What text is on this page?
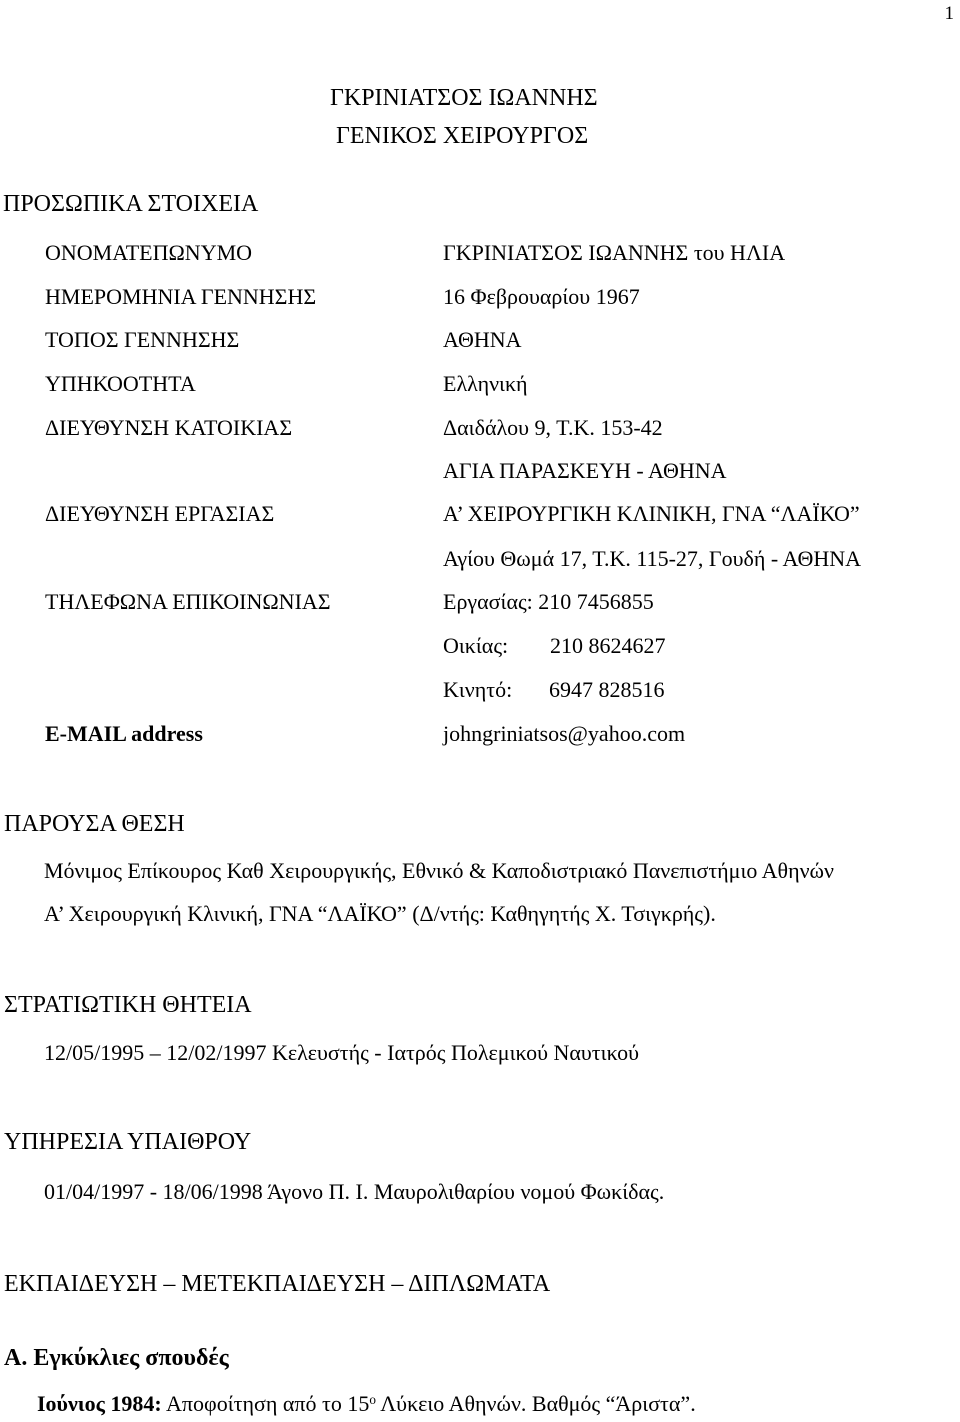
1
ΓΚΡΙΝΙΑΤΣΟΣ ΙΩΑΝΝΗΣ
ΓΕΝΙΚΟΣ ΧΕΙΡΟΥΡΓΟΣ
ΠΡΟΣΩΠΙΚΑ ΣΤΟΙΧΕΙΑ
ΟΝΟΜΑΤΕΠΩΝΥΜΟ	ΓΚΡΙΝΙΑΤΣΟΣ ΙΩΑΝΝΗΣ του ΗΛΙΑ
ΗΜΕΡΟΜΗΝΙΑ ΓΕΝΝΗΣΗΣ	16 Φεβρουαρίου 1967
ΤΟΠΟΣ ΓΕΝΝΗΣΗΣ	ΑΘΗΝΑ
ΥΠΗΚΟΟΤΗΤΑ	Ελληνική
ΔΙΕΥΘΥΝΣΗ ΚΑΤΟΙΚΙΑΣ	Δαιδάλου 9, Τ.Κ. 153-42
ΑΓΙΑ ΠΑΡΑΣΚΕΥΗ - ΑΘΗΝΑ
ΔΙΕΥΘΥΝΣΗ ΕΡΓΑΣΙΑΣ	Α’ ΧΕΙΡΟΥΡΓΙΚΗ ΚΛΙΝΙΚΗ, ΓΝΑ “ΛΑΪΚΟ”
Αγίου Θωμά 17, Τ.Κ. 115-27, Γουδή - ΑΘΗΝΑ
ΤΗΛΕΦΩΝΑ ΕΠΙΚΟΙΝΩΝΙΑΣ	Εργασίας: 210 7456855
Οικίας: 210 8624627
Κινητό: 6947 828516
E-MAIL address	johngriniatsos@yahoo.com
ΠΑΡΟΥΣΑ ΘΕΣΗ
Μόνιμος Επίκουρος Καθ Χειρουργικής, Εθνικό & Καποδιστριακό Πανεπιστήμιο Αθηνών
Α’ Χειρουργική Κλινική, ΓΝΑ “ΛΑΪΚΟ” (Δ/ντής: Καθηγητής Χ. Τσιγκρής).
ΣΤΡΑΤΙΩΤΙΚΗ ΘΗΤΕΙΑ
12/05/1995 – 12/02/1997 Κελευστής - Ιατρός Πολεμικού Ναυτικού
ΥΠΗΡΕΣΙΑ ΥΠΑΙΘΡΟΥ
01/04/1997 - 18/06/1998 Άγονο Π. Ι. Μαυρολιθαρίου νομού Φωκίδας.
ΕΚΠΑΙΔΕΥΣΗ – ΜΕΤΕΚΠΑΙΔΕΥΣΗ – ΔΙΠΛΩΜΑΤΑ
Α. Εγκύκλιες σπουδές
Ιούνιος 1984: Αποφοίτηση από το $15^o$ Λύκειο Αθηνών. Βαθμός “Άριστα”.
